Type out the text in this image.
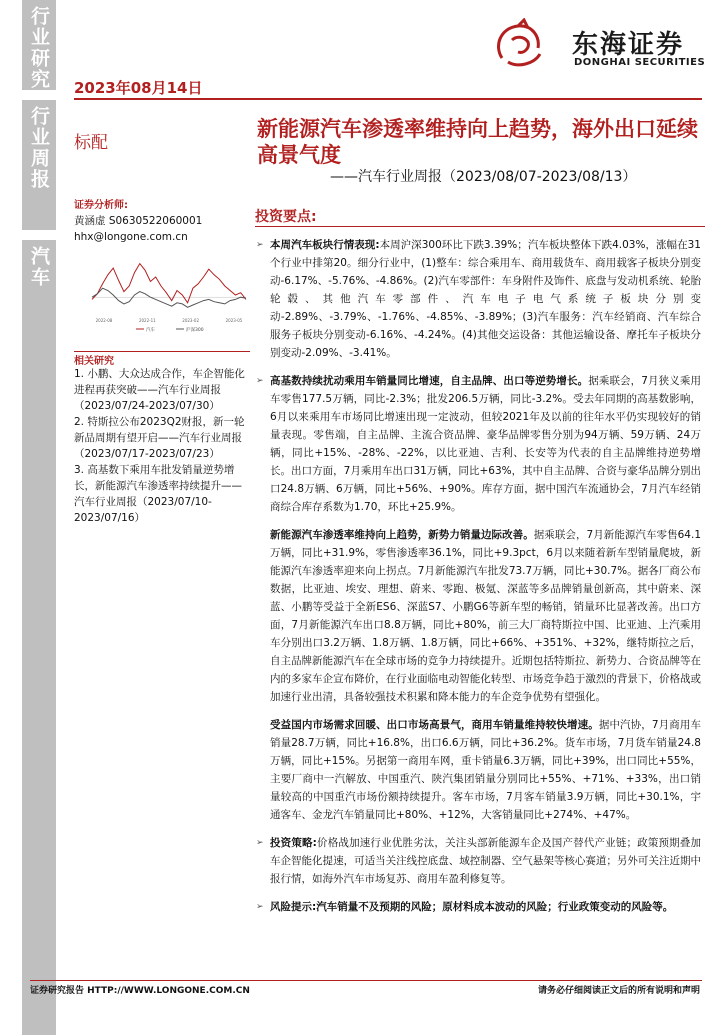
行业研究
行业周报
汽车
东海证券
DONGHAI SECURITIES
2023年08月14日
标配
新能源汽车渗透率维持向上趋势，海外出口延续高景气度
——汽车行业周报（2023/08/07-2023/08/13）
证券分析师:
黄涵虚 S0630522060001
hhx@longone.com.cn
2022-08	2022-11	2023-02	2023-05
汽车	沪深300
相关研究
1. 小鹏、大众达成合作，车企智能化进程再获突破——汽车行业周报（2023/07/24-2023/07/30）
2. 特斯拉公布2023Q2财报，新一轮新品周期有望开启——汽车行业周报（2023/07/17-2023/07/23）
3. 高基数下乘用车批发销量逆势增长，新能源汽车渗透率持续提升——汽车行业周报（2023/07/10-2023/07/16）
投资要点:
➢ 本周汽车板块行情表现:本周沪深300环比下跌3.39%；汽车板块整体下跌4.03%，涨幅在31个行业中排第20。细分行业中，(1)整车：综合乘用车、商用载货车、商用载客子板块分别变动-6.17%、-5.76%、-4.86%。(2)汽车零部件：车身附件及饰件、底盘与发动机系统、轮胎轮毂、其他汽车零部件、汽车电子电气系统子板块分别变动-2.89%、-3.79%、-1.76%、-4.85%、-3.89%；(3)汽车服务：汽车经销商、汽车综合服务子板块分别变动-6.16%、-4.24%。(4)其他交运设备：其他运输设备、摩托车子板块分别变动-2.09%、-3.41%。
➢ 高基数持续扰动乘用车销量同比增速，自主品牌、出口等逆势增长。据乘联会，7月狭义乘用车零售177.5万辆，同比-2.3%；批发206.5万辆，同比-3.2%。受去年同期的高基数影响，6月以来乘用车市场同比增速出现一定波动，但较2021年及以前的往年水平仍实现较好的销量表现。零售端，自主品牌、主流合资品牌、豪华品牌零售分别为94万辆、59万辆、24万辆，同比+15%、-28%、-22%，以比亚迪、吉利、长安等为代表的自主品牌维持逆势增长。出口方面，7月乘用车出口31万辆，同比+63%，其中自主品牌、合资与豪华品牌分别出口24.8万辆、6万辆，同比+56%、+90%。库存方面，据中国汽车流通协会，7月汽车经销商综合库存系数为1.70，环比+25.9%。
新能源汽车渗透率维持向上趋势，新势力销量边际改善。据乘联会，7月新能源汽车零售64.1万辆，同比+31.9%，零售渗透率36.1%，同比+9.3pct，6月以来随着新车型销量爬坡，新能源汽车渗透率迎来向上拐点。7月新能源汽车批发73.7万辆，同比+30.7%。据各厂商公布数据，比亚迪、埃安、理想、蔚来、零跑、极氪、深蓝等多品牌销量创新高，其中蔚来、深蓝、小鹏等受益于全新ES6、深蓝S7、小鹏G6等新车型的畅销，销量环比显著改善。出口方面，7月新能源汽车出口8.8万辆，同比+80%，前三大厂商特斯拉中国、比亚迪、上汽乘用车分别出口3.2万辆、1.8万辆、1.8万辆，同比+66%、+351%、+32%，继特斯拉之后，自主品牌新能源汽车在全球市场的竞争力持续提升。近期包括特斯拉、新势力、合资品牌等在内的多家车企宣布降价，在行业面临电动智能化转型、市场竞争趋于激烈的背景下，价格战或加速行业出清，具备较强技术积累和降本能力的车企竞争优势有望强化。
受益国内市场需求回暖、出口市场高景气，商用车销量维持较快增速。据中汽协，7月商用车销量28.7万辆，同比+16.8%，出口6.6万辆，同比+36.2%。货车市场，7月货车销量24.8万辆，同比+15%。另据第一商用车网，重卡销量6.3万辆，同比+39%，出口同比+55%，主要厂商中一汽解放、中国重汽、陕汽集团销量分别同比+55%、+71%、+33%，出口销量较高的中国重汽市场份额持续提升。客车市场，7月客车销量3.9万辆，同比+30.1%，宇通客车、金龙汽车销量同比+80%、+12%，大客销量同比+274%、+47%。
➢ 投资策略:价格战加速行业优胜劣汰，关注头部新能源车企及国产替代产业链；政策预期叠加车企智能化提速，可适当关注线控底盘、域控制器、空气悬架等核心赛道；另外可关注近期中报行情，如海外汽车市场复苏、商用车盈利修复等。
➢ 风险提示:汽车销量不及预期的风险；原材料成本波动的风险；行业政策变动的风险等。
证券研究报告 HTTP://WWW.LONGONE.COM.CN	请务必仔细阅读正文后的所有说明和声明
